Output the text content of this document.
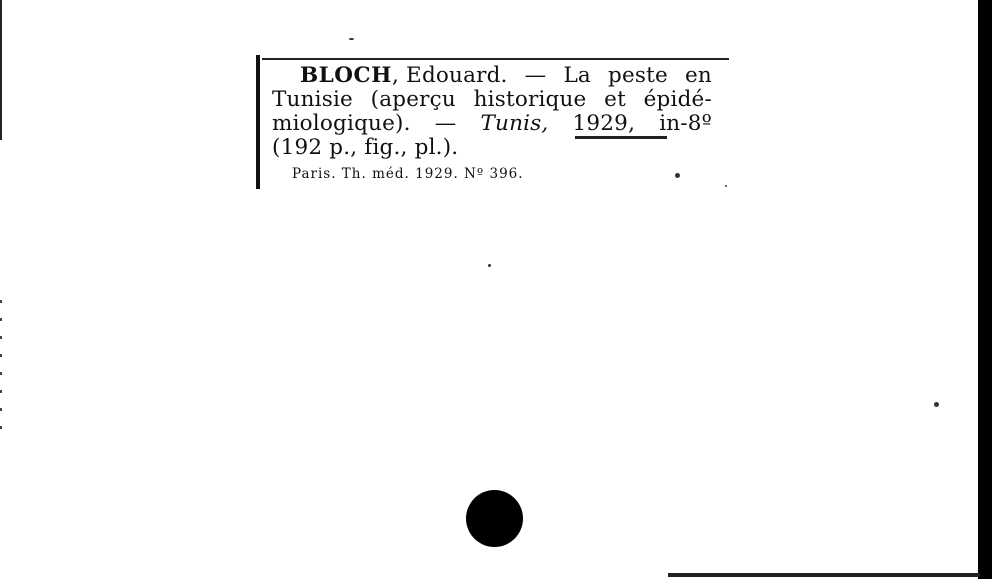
BLOCH, Edouard. — La peste en
Tunisie (aperçu historique et épidé-
miologique). — Tunis, 1929, in-8º
(192 p., fig., pl.).
Paris. Th. méd. 1929. Nº 396.
